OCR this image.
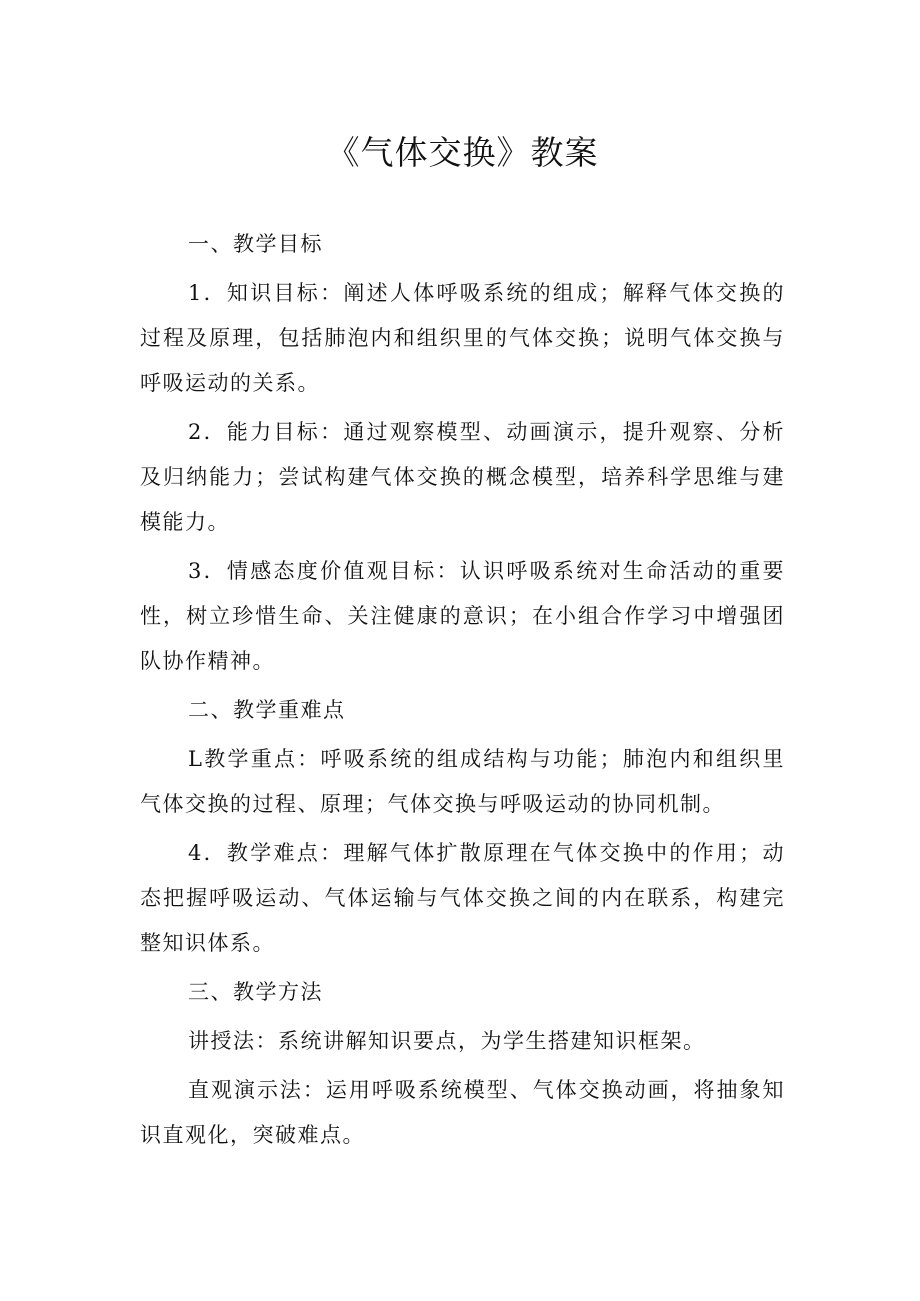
《气体交换》教案

一、教学目标

1．知识目标：阐述人体呼吸系统的组成；解释气体交换的过程及原理，包括肺泡内和组织里的气体交换；说明气体交换与呼吸运动的关系。

2．能力目标：通过观察模型、动画演示，提升观察、分析及归纳能力；尝试构建气体交换的概念模型，培养科学思维与建模能力。

3．情感态度价值观目标：认识呼吸系统对生命活动的重要性，树立珍惜生命、关注健康的意识；在小组合作学习中增强团队协作精神。

二、教学重难点

L教学重点：呼吸系统的组成结构与功能；肺泡内和组织里气体交换的过程、原理；气体交换与呼吸运动的协同机制。

4．教学难点：理解气体扩散原理在气体交换中的作用；动态把握呼吸运动、气体运输与气体交换之间的内在联系，构建完整知识体系。

三、教学方法

讲授法：系统讲解知识要点，为学生搭建知识框架。

直观演示法：运用呼吸系统模型、气体交换动画，将抽象知识直观化，突破难点。
